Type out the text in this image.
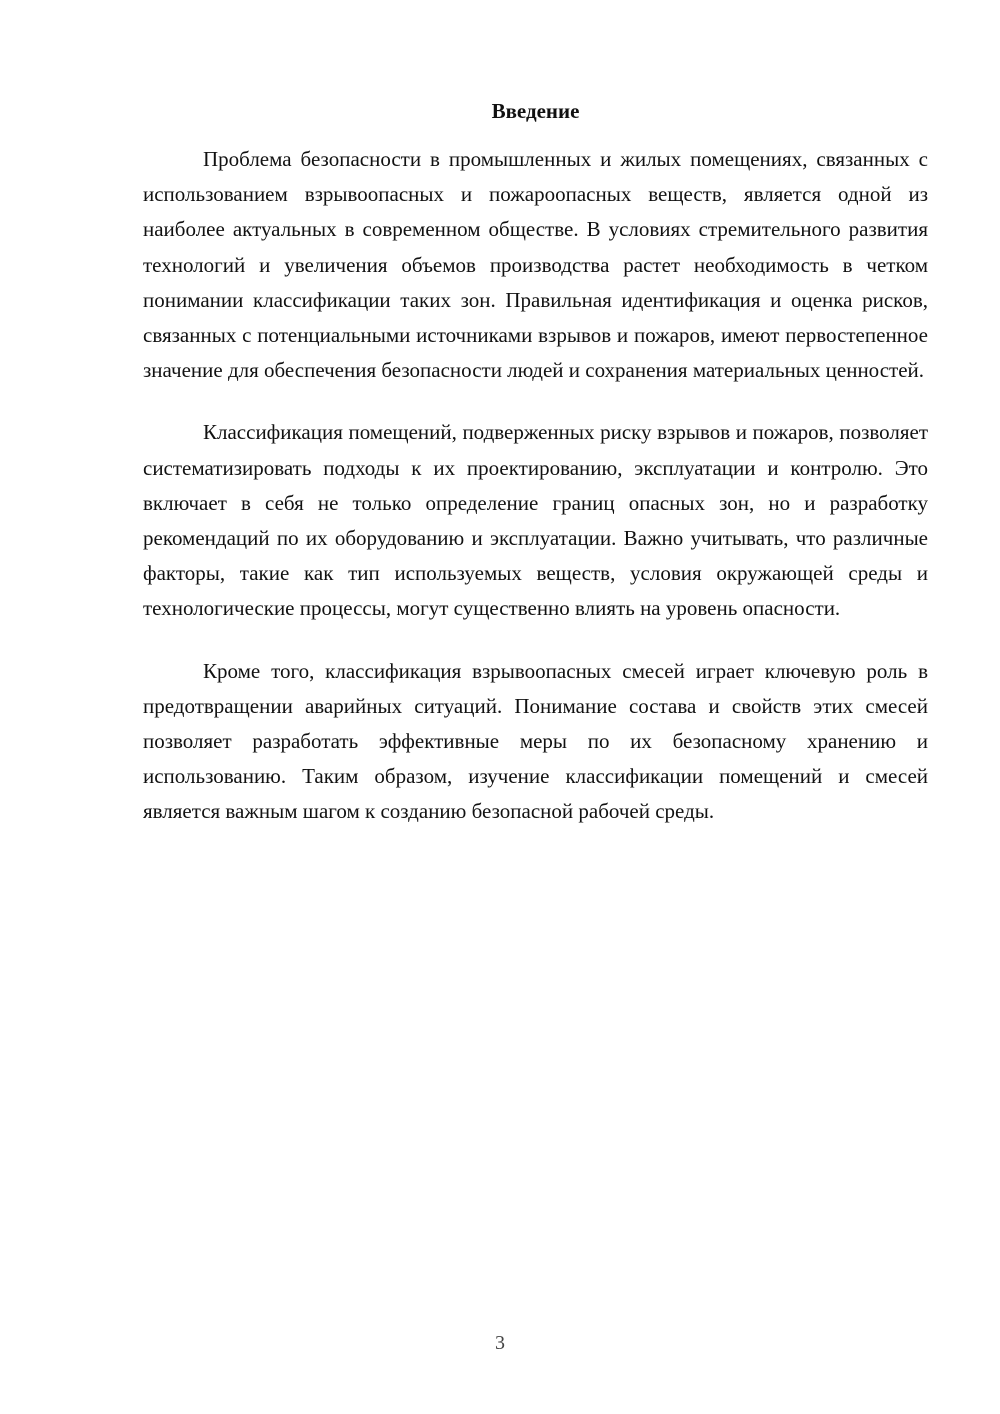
Введение

Проблема безопасности в промышленных и жилых помещениях, связанных с использованием взрывоопасных и пожароопасных веществ, является одной из наиболее актуальных в современном обществе. В условиях стремительного развития технологий и увеличения объемов производства растет необходимость в четком понимании классификации таких зон. Правильная идентификация и оценка рисков, связанных с потенциальными источниками взрывов и пожаров, имеют первостепенное значение для обеспечения безопасности людей и сохранения материальных ценностей.

Классификация помещений, подверженных риску взрывов и пожаров, позволяет систематизировать подходы к их проектированию, эксплуатации и контролю. Это включает в себя не только определение границ опасных зон, но и разработку рекомендаций по их оборудованию и эксплуатации. Важно учитывать, что различные факторы, такие как тип используемых веществ, условия окружающей среды и технологические процессы, могут существенно влиять на уровень опасности.

Кроме того, классификация взрывоопасных смесей играет ключевую роль в предотвращении аварийных ситуаций. Понимание состава и свойств этих смесей позволяет разработать эффективные меры по их безопасному хранению и использованию. Таким образом, изучение классификации помещений и смесей является важным шагом к созданию безопасной рабочей среды.

3
